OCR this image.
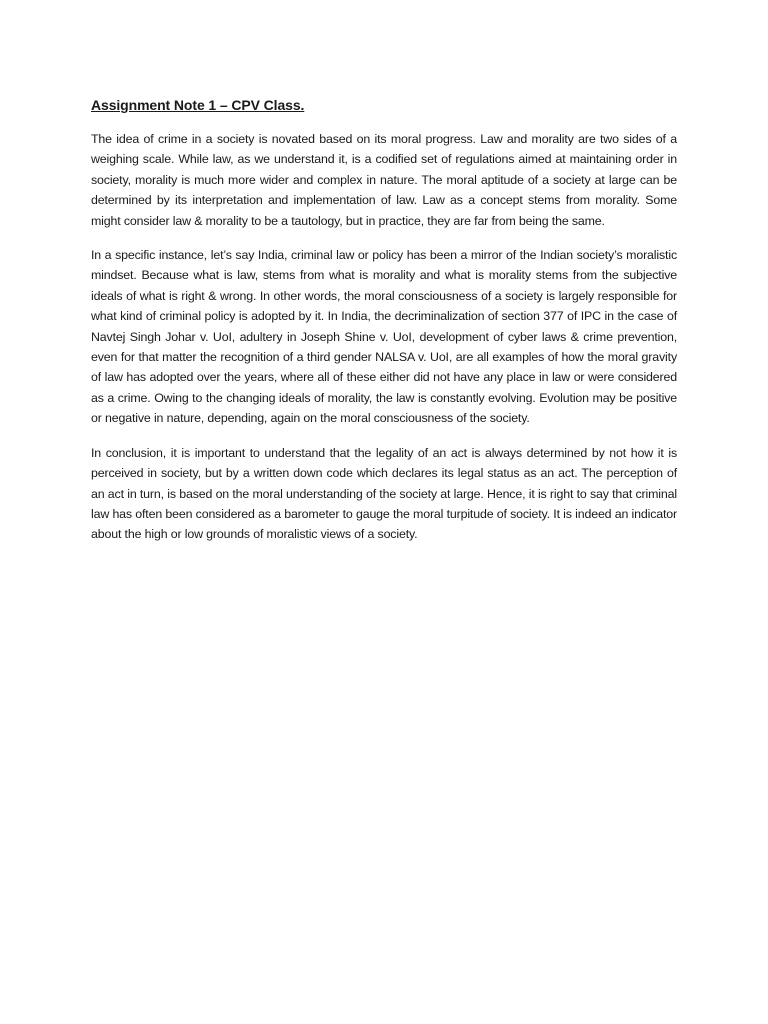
Assignment Note 1 – CPV Class.

The idea of crime in a society is novated based on its moral progress. Law and morality are two sides of a weighing scale. While law, as we understand it, is a codified set of regulations aimed at maintaining order in society, morality is much more wider and complex in nature. The moral aptitude of a society at large can be determined by its interpretation and implementation of law. Law as a concept stems from morality. Some might consider law & morality to be a tautology, but in practice, they are far from being the same.

In a specific instance, let’s say India, criminal law or policy has been a mirror of the Indian society’s moralistic mindset. Because what is law, stems from what is morality and what is morality stems from the subjective ideals of what is right & wrong. In other words, the moral consciousness of a society is largely responsible for what kind of criminal policy is adopted by it. In India, the decriminalization of section 377 of IPC in the case of Navtej Singh Johar v. UoI, adultery in Joseph Shine v. UoI, development of cyber laws & crime prevention, even for that matter the recognition of a third gender NALSA v. UoI, are all examples of how the moral gravity of law has adopted over the years, where all of these either did not have any place in law or were considered as a crime. Owing to the changing ideals of morality, the law is constantly evolving. Evolution may be positive or negative in nature, depending, again on the moral consciousness of the society.

In conclusion, it is important to understand that the legality of an act is always determined by not how it is perceived in society, but by a written down code which declares its legal status as an act. The perception of an act in turn, is based on the moral understanding of the society at large. Hence, it is right to say that criminal law has often been considered as a barometer to gauge the moral turpitude of society. It is indeed an indicator about the high or low grounds of moralistic views of a society.
